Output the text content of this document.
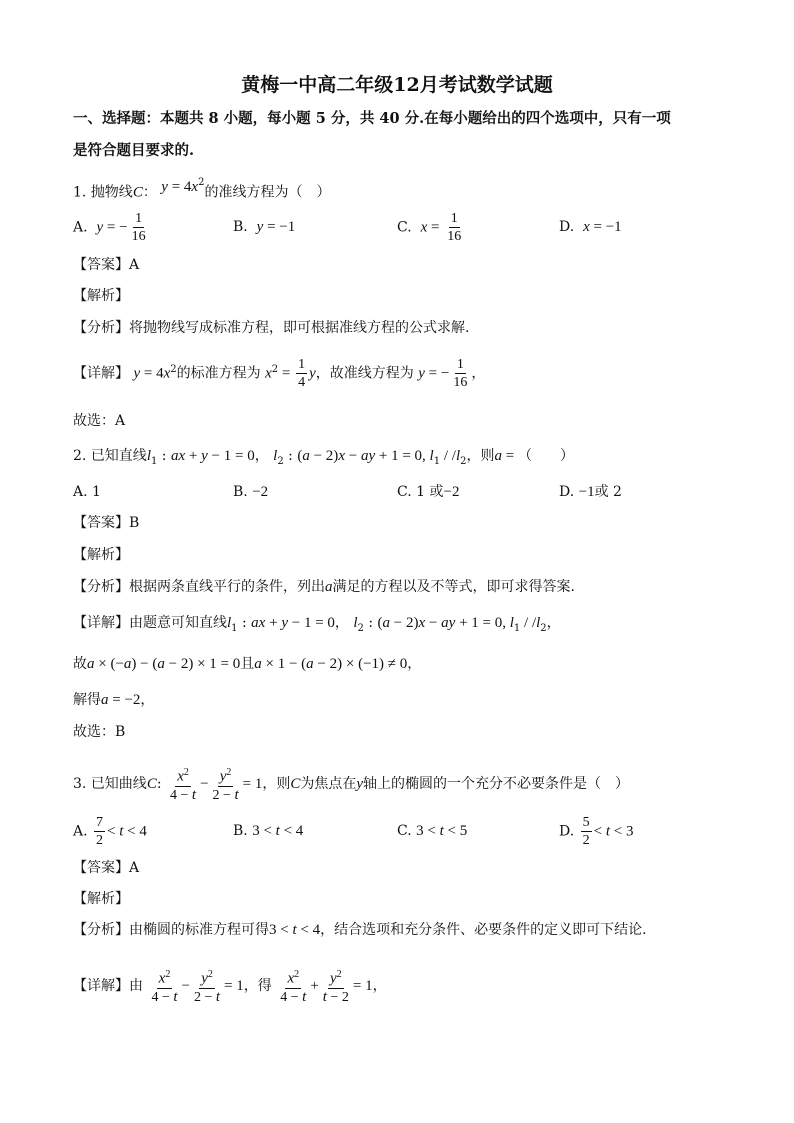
黄梅一中高二年级12月考试数学试题
一、选择题：本题共 8 小题，每小题 5 分，共 40 分.在每小题给出的四个选项中，只有一项
是符合题目要求的.
1. 抛物线C： $y = 4x^2$的准线方程为（　）
A. y = − $\frac{1}{16}$	B. y = −1	C. $x = \frac{1}{16}$	D. x = −1
【答案】A
【解析】
【分析】将抛物线写成标准方程，即可根据准线方程的公式求解.
【详解】 $y = 4x^2$的标准方程为 $x^2 = \frac{1}{4}$ y，故准线方程为 y = − $\frac{1}{16}$ ，
故选：A
2. 已知直线$l_1$ : ax + y − 1 = 0， $l_2$ : (a − 2)x − ay + 1 = 0, $l_1 / /l_2$，则a = （　　）
A. 1	B. −2	C. 1 或−2	D. −1或 2
【答案】B
【解析】
【分析】根据两条直线平行的条件，列出a满足的方程以及不等式，即可求得答案.
【详解】由题意可知直线$l_1$ : ax + y − 1 = 0， $l_2$ : (a − 2)x − ay + 1 = 0, $l_1 / /l_2$，
故a × (−a) − (a − 2) × 1 = 0且a × 1 − (a − 2) × (−1) ≠ 0，
解得a = −2，
故选：B
3. 已知曲线C: $\frac{x^2}{4 - t} - \frac{y^2}{2 - t} = 1$，则C为焦点在y轴上的椭圆的一个充分不必要条件是（　）
A. $\frac{7}{2} < t < 4$	B. 3 < t < 4	C. 3 < t < 5	D. $\frac{5}{2} < t < 3$
【答案】A
【解析】
【分析】由椭圆的标准方程可得3 < t < 4，结合选项和充分条件、必要条件的定义即可下结论.
【详解】由 $\frac{x^2}{4 - t} - \frac{y^2}{2 - t} = 1$，得 $\frac{x^2}{4 - t} + \frac{y^2}{t - 2} = 1$，
